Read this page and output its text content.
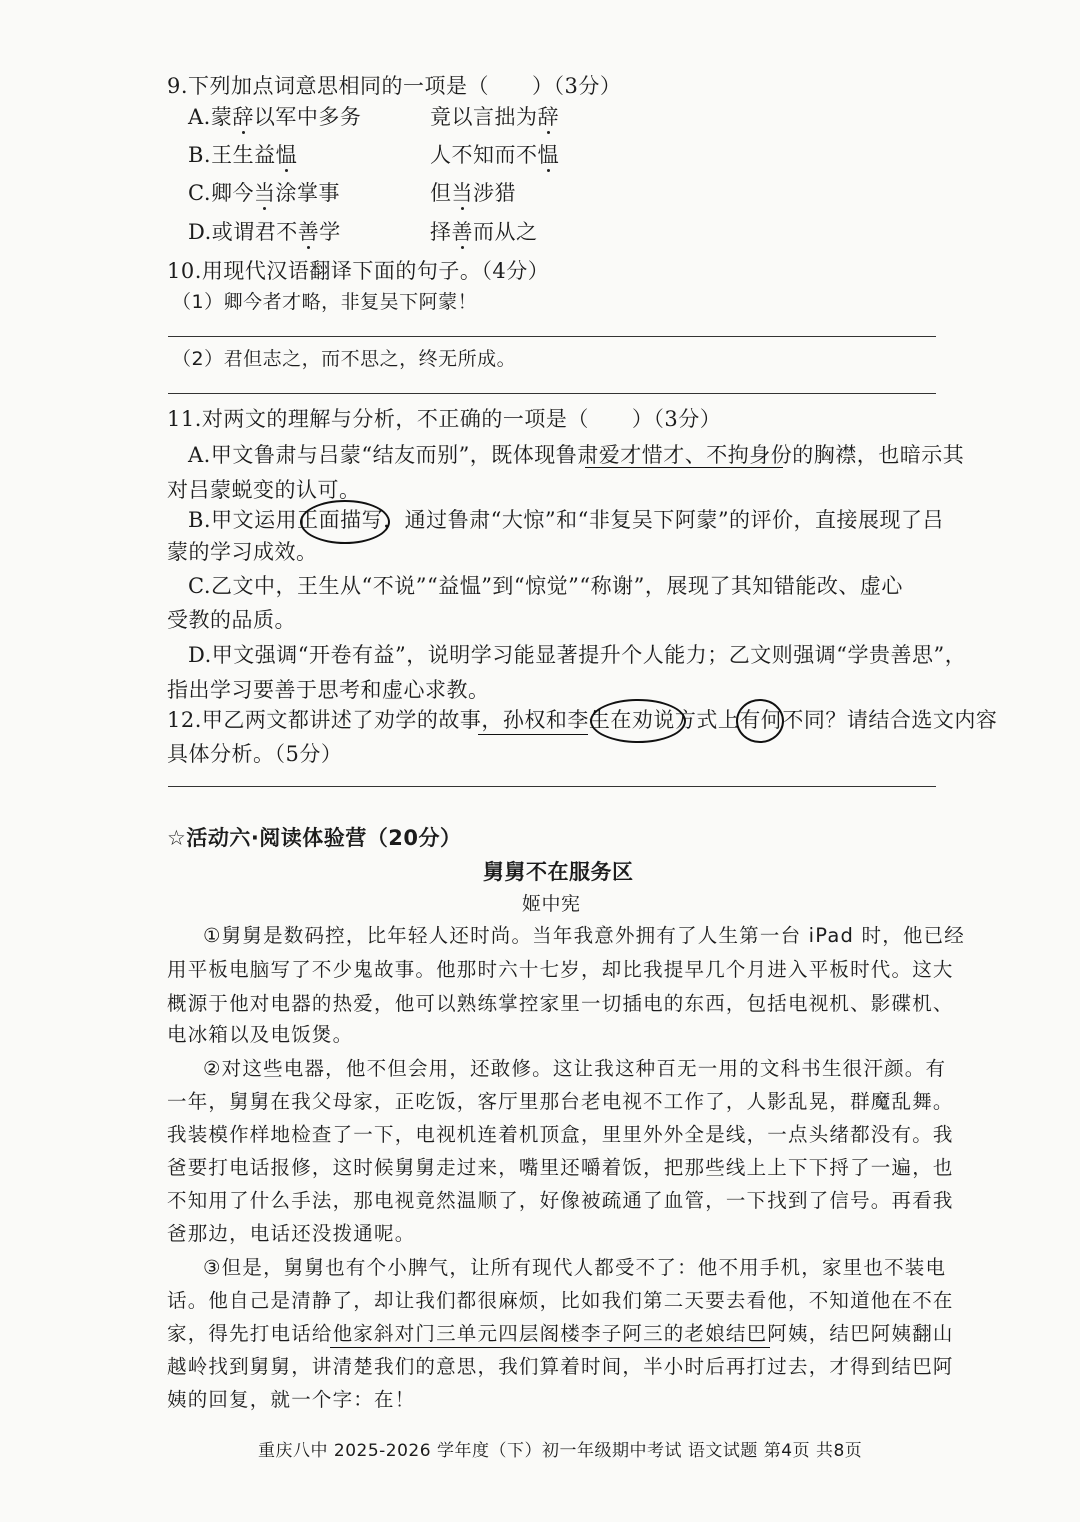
9.下列加点词意思相同的一项是（　　）（3分）
A.蒙辞以军中多务	竟以言拙为辞
B.王生益愠	人不知而不愠
C.卿今当涂掌事	但当涉猎
D.或谓君不善学	择善而从之
10.用现代汉语翻译下面的句子。（4分）
（1）卿今者才略，非复吴下阿蒙！
（2）君但志之，而不思之，终无所成。
11.对两文的理解与分析，不正确的一项是（　　）（3分）
A.甲文鲁肃与吕蒙“结友而别”，既体现鲁肃爱才惜才、不拘身份的胸襟，也暗示其
对吕蒙蜕变的认可。
B.甲文运用正面描写，通过鲁肃“大惊”和“非复吴下阿蒙”的评价，直接展现了吕
蒙的学习成效。
C.乙文中，王生从“不说”“益愠”到“惊觉”“称谢”，展现了其知错能改、虚心
受教的品质。
D.甲文强调“开卷有益”，说明学习能显著提升个人能力；乙文则强调“学贵善思”，
指出学习要善于思考和虚心求教。
12.甲乙两文都讲述了劝学的故事，孙权和李生在劝说方式上有何不同？请结合选文内容
具体分析。（5分）
☆活动六·阅读体验营（20分）
舅舅不在服务区
姬中宪
①舅舅是数码控，比年轻人还时尚。当年我意外拥有了人生第一台 iPad 时，他已经
用平板电脑写了不少鬼故事。他那时六十七岁，却比我提早几个月进入平板时代。这大
概源于他对电器的热爱，他可以熟练掌控家里一切插电的东西，包括电视机、影碟机、
电冰箱以及电饭煲。
②对这些电器，他不但会用，还敢修。这让我这种百无一用的文科书生很汗颜。有
一年，舅舅在我父母家，正吃饭，客厅里那台老电视不工作了，人影乱晃，群魔乱舞。
我装模作样地检查了一下，电视机连着机顶盒，里里外外全是线，一点头绪都没有。我
爸要打电话报修，这时候舅舅走过来，嘴里还嚼着饭，把那些线上上下下捋了一遍，也
不知用了什么手法，那电视竟然温顺了，好像被疏通了血管，一下找到了信号。再看我
爸那边，电话还没拨通呢。
③但是，舅舅也有个小脾气，让所有现代人都受不了：他不用手机，家里也不装电
话。他自己是清静了，却让我们都很麻烦，比如我们第二天要去看他，不知道他在不在
家，得先打电话给他家斜对门三单元四层阁楼李子阿三的老娘结巴阿姨，结巴阿姨翻山
越岭找到舅舅，讲清楚我们的意思，我们算着时间，半小时后再打过去，才得到结巴阿
姨的回复，就一个字：在！
重庆八中 2025-2026 学年度（下）初一年级期中考试 语文试题 第4页 共8页
